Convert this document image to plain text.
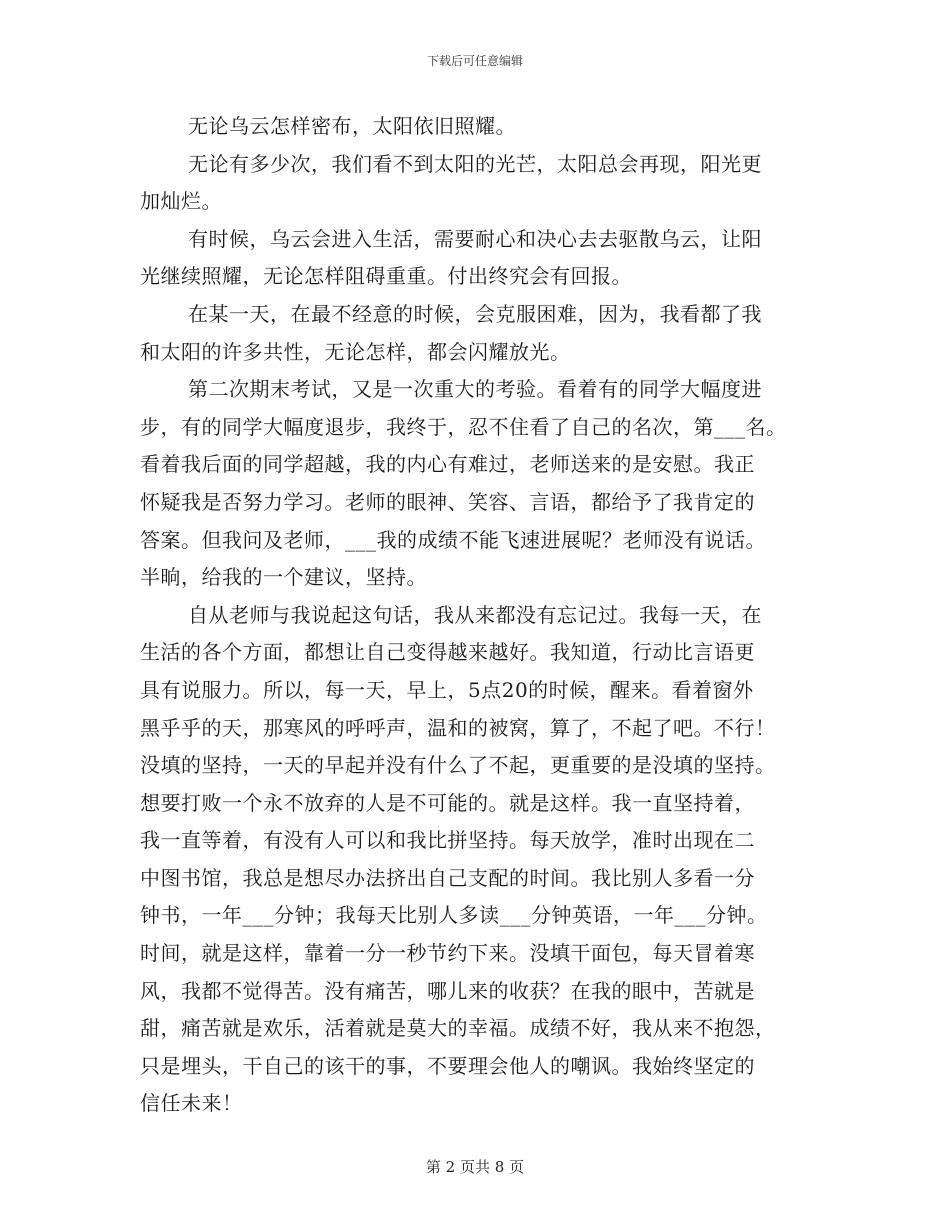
下载后可任意编辑
无论乌云怎样密布，太阳依旧照耀。
无论有多少次，我们看不到太阳的光芒，太阳总会再现，阳光更
加灿烂。
有时候，乌云会进入生活，需要耐心和决心去去驱散乌云，让阳
光继续照耀，无论怎样阻碍重重。付出终究会有回报。
在某一天，在最不经意的时候，会克服困难，因为，我看都了我
和太阳的许多共性，无论怎样，都会闪耀放光。
第二次期末考试，又是一次重大的考验。看着有的同学大幅度进
步，有的同学大幅度退步，我终于，忍不住看了自己的名次，第___名。
看着我后面的同学超越，我的内心有难过，老师送来的是安慰。我正
怀疑我是否努力学习。老师的眼神、笑容、言语，都给予了我肯定的
答案。但我问及老师，___我的成绩不能飞速进展呢？老师没有说话。
半晌，给我的一个建议，坚持。
自从老师与我说起这句话，我从来都没有忘记过。我每一天，在
生活的各个方面，都想让自己变得越来越好。我知道，行动比言语更
具有说服力。所以，每一天，早上，5点20的时候，醒来。看着窗外
黑乎乎的天，那寒风的呼呼声，温和的被窝，算了，不起了吧。不行！
没填的坚持，一天的早起并没有什么了不起，更重要的是没填的坚持。
想要打败一个永不放弃的人是不可能的。就是这样。我一直坚持着，
我一直等着，有没有人可以和我比拼坚持。每天放学，准时出现在二
中图书馆，我总是想尽办法挤出自己支配的时间。我比别人多看一分
钟书，一年___分钟；我每天比别人多读___分钟英语，一年___分钟。
时间，就是这样，靠着一分一秒节约下来。没填干面包，每天冒着寒
风，我都不觉得苦。没有痛苦，哪儿来的收获？在我的眼中，苦就是
甜，痛苦就是欢乐，活着就是莫大的幸福。成绩不好，我从来不抱怨，
只是埋头，干自己的该干的事，不要理会他人的嘲讽。我始终坚定的
信任未来！
第 2 页共 8 页
